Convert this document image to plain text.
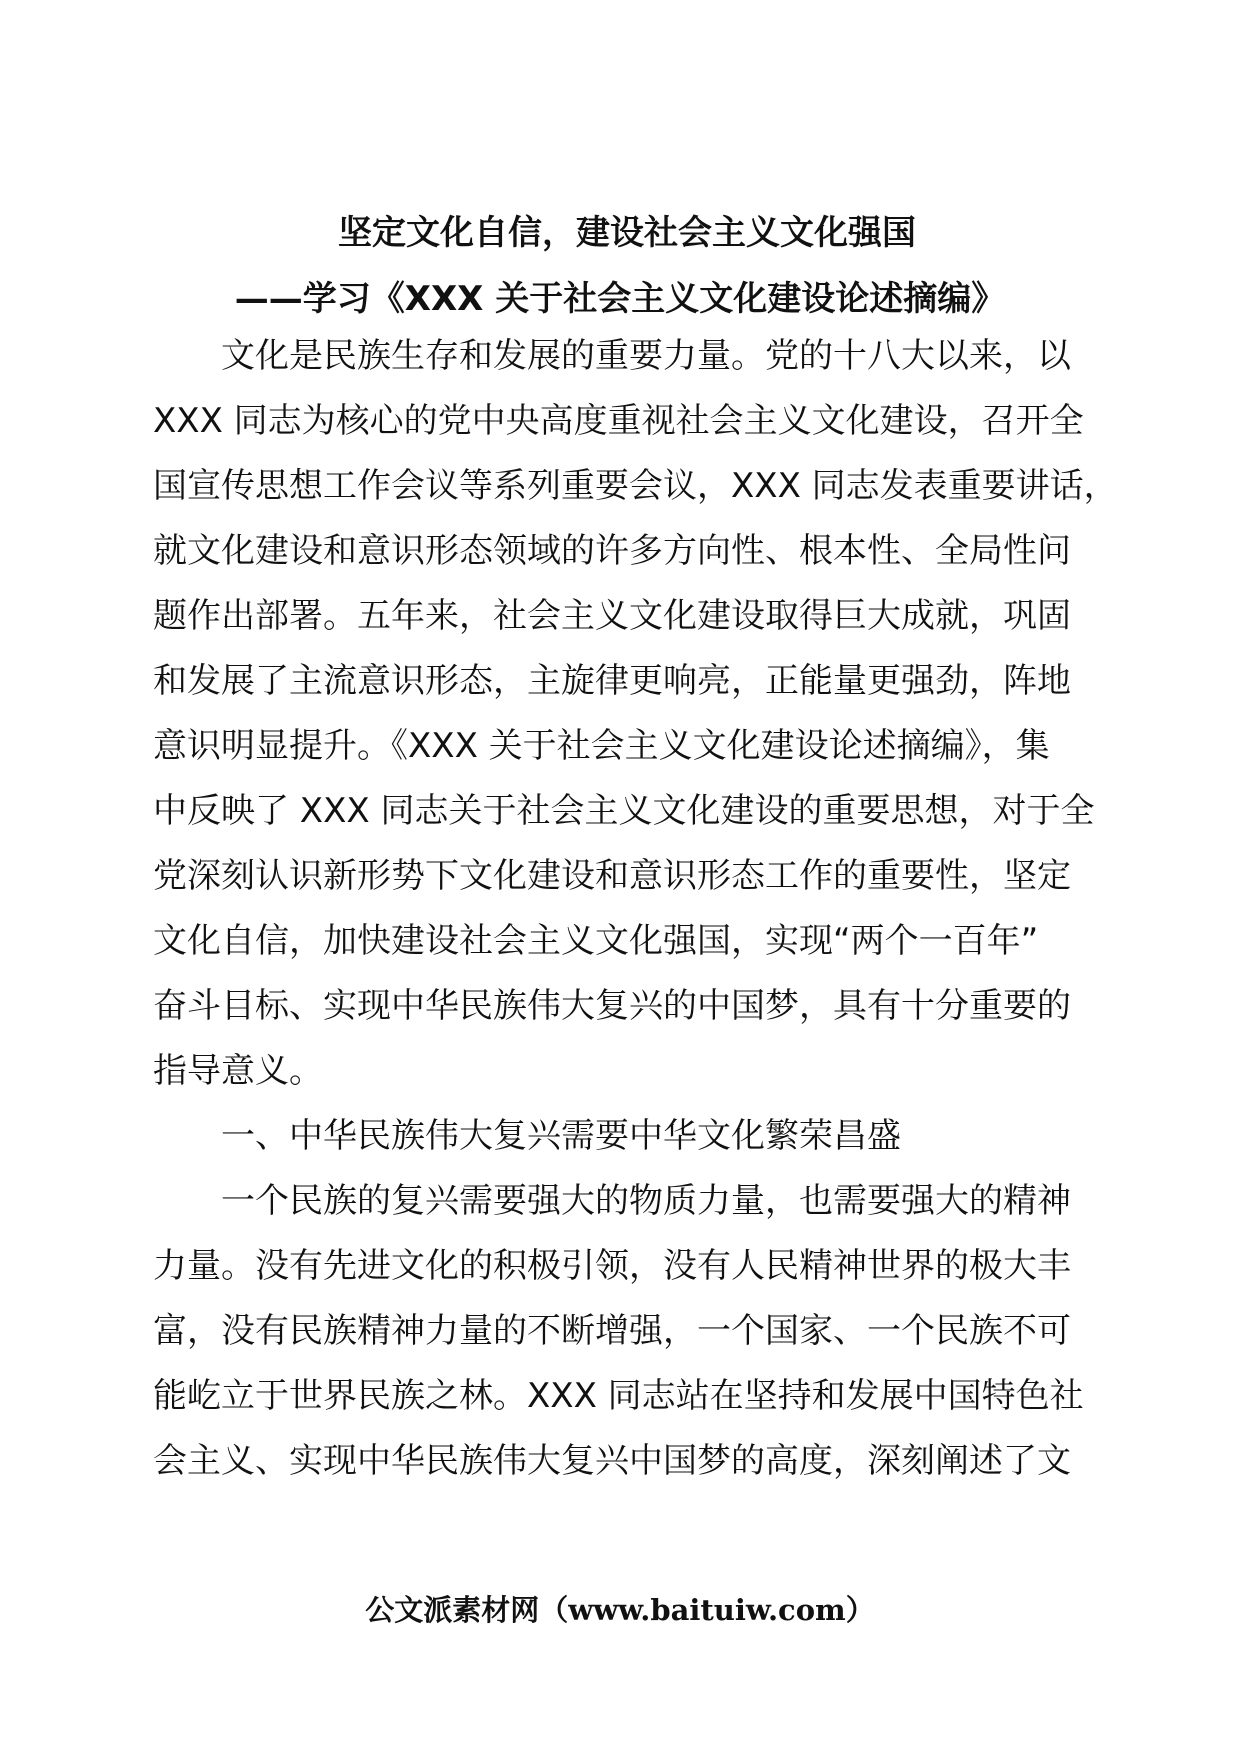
坚定文化自信，建设社会主义文化强国
——学习《XXX 关于社会主义文化建设论述摘编》
　　文化是民族生存和发展的重要力量。党的十八大以来，以
XXX 同志为核心的党中央高度重视社会主义文化建设，召开全
国宣传思想工作会议等系列重要会议，XXX 同志发表重要讲话，
就文化建设和意识形态领域的许多方向性、根本性、全局性问
题作出部署。五年来，社会主义文化建设取得巨大成就，巩固
和发展了主流意识形态，主旋律更响亮，正能量更强劲，阵地
意识明显提升。《XXX 关于社会主义文化建设论述摘编》，集
中反映了 XXX 同志关于社会主义文化建设的重要思想，对于全
党深刻认识新形势下文化建设和意识形态工作的重要性，坚定
文化自信，加快建设社会主义文化强国，实现“两个一百年”
奋斗目标、实现中华民族伟大复兴的中国梦，具有十分重要的
指导意义。
　　一、中华民族伟大复兴需要中华文化繁荣昌盛
　　一个民族的复兴需要强大的物质力量，也需要强大的精神
力量。没有先进文化的积极引领，没有人民精神世界的极大丰
富，没有民族精神力量的不断增强，一个国家、一个民族不可
能屹立于世界民族之林。XXX 同志站在坚持和发展中国特色社
会主义、实现中华民族伟大复兴中国梦的高度，深刻阐述了文
公文派素材网（www.baituiw.com）
